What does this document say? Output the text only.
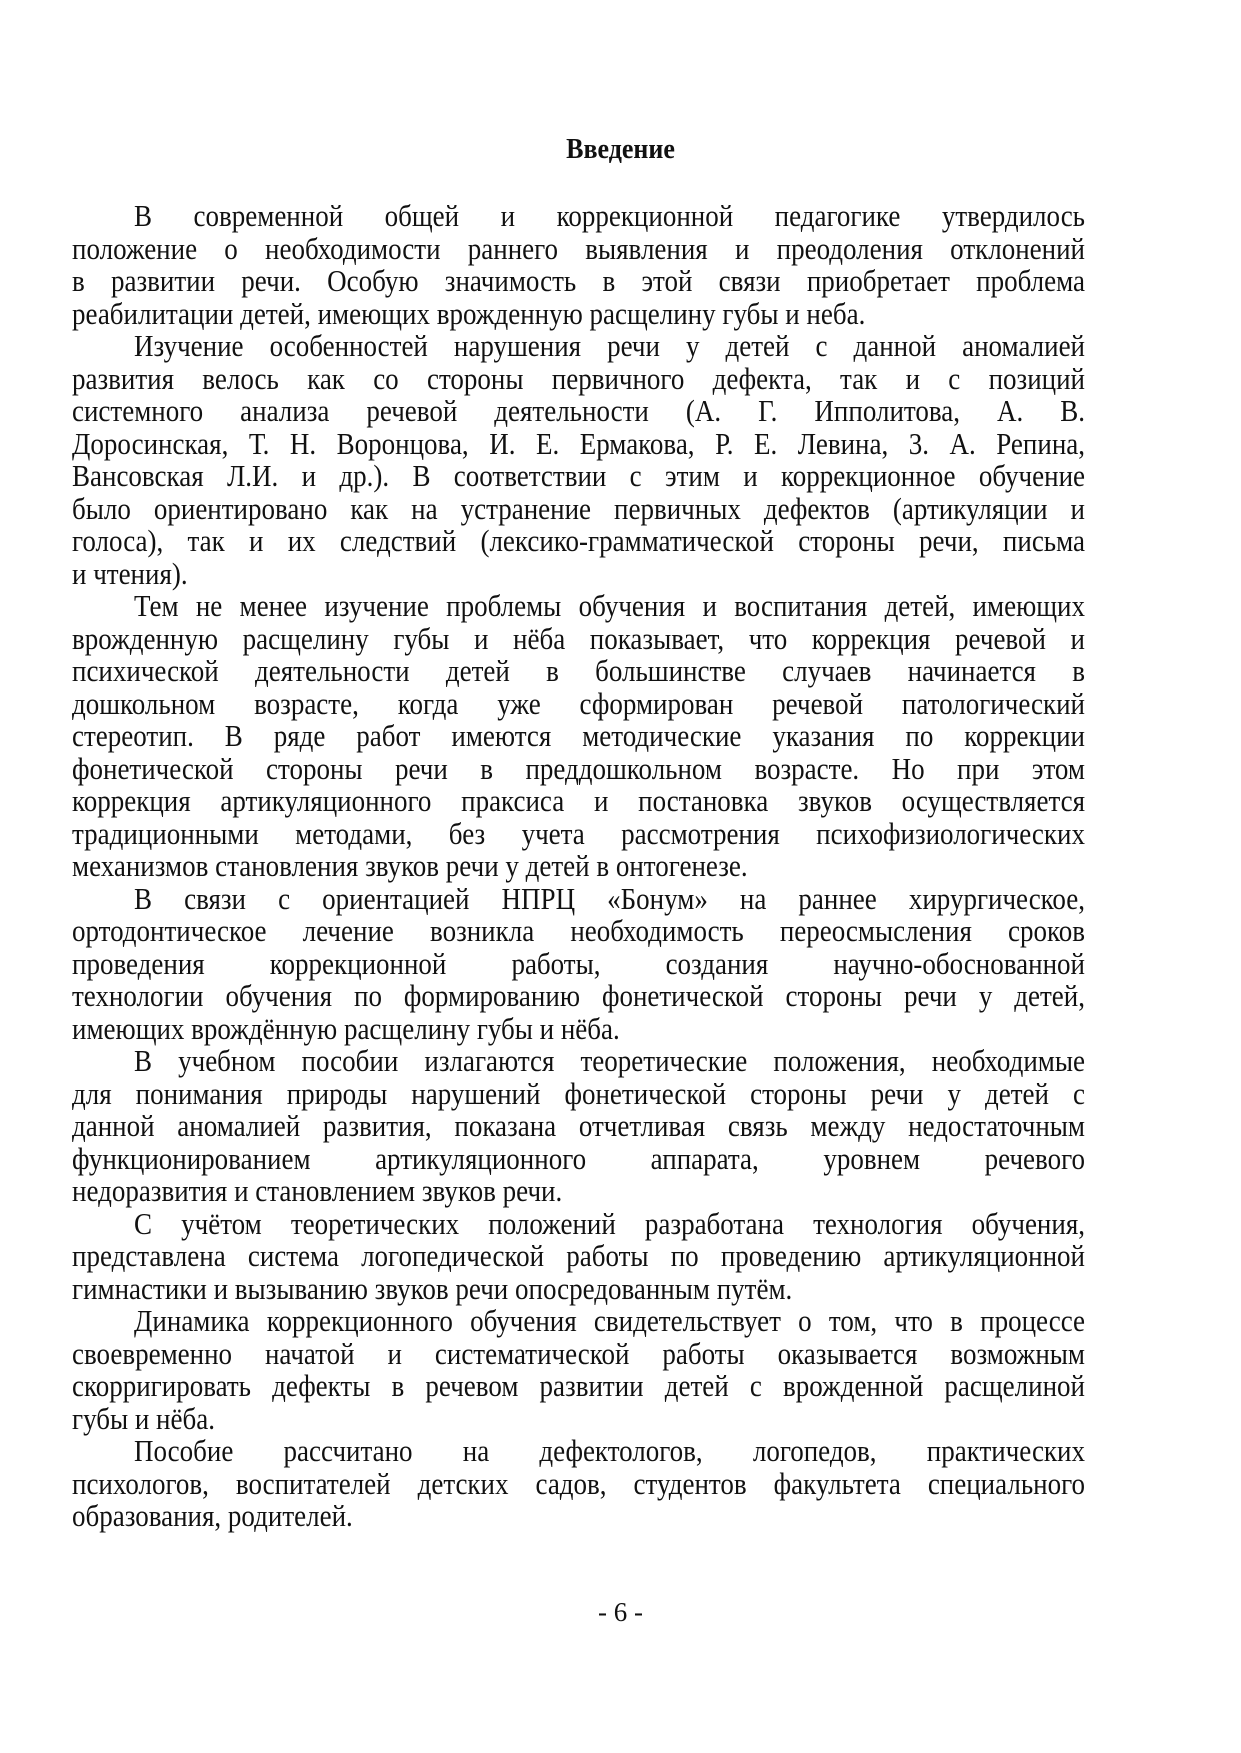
Введение
В современной общей и коррекционной педагогике утвердилось
положение о необходимости раннего выявления и преодоления отклонений
в развитии речи. Особую значимость в этой связи приобретает проблема
реабилитации детей, имеющих врожденную расщелину губы и неба.
Изучение особенностей нарушения речи у детей с данной аномалией
развития велось как со стороны первичного дефекта, так и с позиций
системного анализа речевой деятельности (А. Г. Ипполитова, А. В.
Доросинская, Т. Н. Воронцова, И. Е. Ермакова, Р. Е. Левина, 3. А. Репина,
Вансовская Л.И. и др.). В соответствии с этим и коррекционное обучение
было ориентировано как на устранение первичных дефектов (артикуляции и
голоса), так и их следствий (лексико-грамматической стороны речи, письма
и чтения).
Тем не менее изучение проблемы обучения и воспитания детей, имеющих
врожденную расщелину губы и нёба показывает, что коррекция речевой и
психической деятельности детей в большинстве случаев начинается в
дошкольном возрасте, когда уже сформирован речевой патологический
стереотип. В ряде работ имеются методические указания по коррекции
фонетической стороны речи в преддошкольном возрасте. Но при этом
коррекция артикуляционного праксиса и постановка звуков осуществляется
традиционными методами, без учета рассмотрения психофизиологических
механизмов становления звуков речи у детей в онтогенезе.
В связи с ориентацией НПРЦ «Бонум» на раннее хирургическое,
ортодонтическое лечение возникла необходимость переосмысления сроков
проведения коррекционной работы, создания научно-обоснованной
технологии обучения по формированию фонетической стороны речи у детей,
имеющих врождённую расщелину губы и нёба.
В учебном пособии излагаются теоретические положения, необходимые
для понимания природы нарушений фонетической стороны речи у детей с
данной аномалией развития, показана отчетливая связь между недостаточным
функционированием артикуляционного аппарата, уровнем речевого
недоразвития и становлением звуков речи.
С учётом теоретических положений разработана технология обучения,
представлена система логопедической работы по проведению артикуляционной
гимнастики и вызыванию звуков речи опосредованным путём.
Динамика коррекционного обучения свидетельствует о том, что в процессе
своевременно начатой и систематической работы оказывается возможным
скорригировать дефекты в речевом развитии детей с врожденной расщелиной
губы и нёба.
Пособие рассчитано на дефектологов, логопедов, практических
психологов, воспитателей детских садов, студентов факультета специального
образования, родителей.
- 6 -
